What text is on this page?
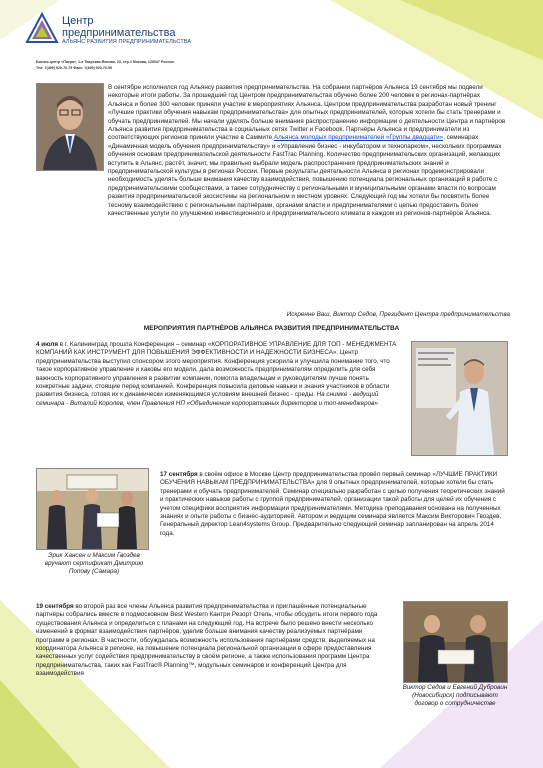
Центр
предпринимательства
АЛЬЯНС РАЗВИТИЯ ПРЕДПРИНИМАТЕЛЬСТВА
Бизнес-центр «Пикра», 1-я Тверская-Ямская, 23, стр.1 Москва, 125047 Россия
Тел: 7(499) 920-70-75 Факс: 7(499) 920-70-99
В сентябре исполнился год Альянсу развития предпринимательства. На собрании партнёров Альянса 19 сентября мы подвели некоторые итоги работы. За прошедший год Центром предпринимательства обучено более 200 человек в регионах-партнёрах Альянса и более 300 человек приняли участие в мероприятиях Альянса. Центром предпринимательства разработан новый тренинг «Лучшие практики обучения навыкам предпринимательства» для опытных предпринимателей, которые хотели бы стать тренерами и обучать предпринимателей. Мы начали уделять больше внимания распространению информации о деятельности Центра и партнёров Альянса развития предпринимательства в социальных сетях Twitter и Facebook. Партнёры Альянса и предприниматели из соответствующих регионов приняли участие в Саммите Альянса молодых предпринимателей «Группы двадцати», семинарах «Динамичная модель обучения предпринимательству» и «Управление бизнес - инкубатором и технопарком», нескольких программах обучения основам предпринимательской деятельности FastTrac Planning. Количество предпринимательских организаций, желающих вступить в Альянс, растёт, значит, мы правильно выбрали модель распространения предпринимательских знаний и предпринимательской культуры в регионах России. Первые результаты деятельности Альянса в регионах продемонстрировали необходимость уделять больше внимания качеству взаимодействия, повышению потенциала региональных организаций в работе с предпринимательскими сообществами, а также сотрудничеству с региональными и муниципальными органами власти по вопросам развития предпринимательской экосистемы на региональном и местном уровнях. Следующий год мы хотели бы посвятить более тесному взаимодействию с региональными партнёрами, органами власти и предпринимателями с целью предоставить более качественные услуги по улучшению инвестиционного и предпринимательского климата в каждом из регионов-партнёров Альянса.
Искренне Ваш, Виктор Седов, Президент Центра предпринимательства
МЕРОПРИЯТИЯ ПАРТНЁРОВ АЛЬЯНСА РАЗВИТИЯ ПРЕДПРИНИМАТЕЛЬСТВА
4 июля в г. Калининград прошла Конференция – семинар «КОРПОРАТИВНОЕ УПРАВЛЕНИЕ ДЛЯ ТОП - МЕНЕДЖМЕНТА КОМПАНИЙ КАК ИНСТРУМЕНТ ДЛЯ ПОВЫШЕНИЯ ЭФФЕКТИВНОСТИ И НАДЕЖНОСТИ БИЗНЕСА». Центр предпринимательства выступил спонсором этого мероприятия. Конференция ускорила и улучшила понимание того, что такое корпоративное управление и каковы его модели, дала возможность предпринимателям определить для себя важность корпоративного управления в развитии компании, помогла владельцам и руководителям лучше понять конкретные задачи, стоящие перед компанией. Конференция повысила деловые навыки и знания участников в области развития бизнеса, готовя их к динамически изменяющимся условиям внешней бизнес - среды. На снимке - ведущий семинара - Виталий Королев, член Правления НП «Объединение корпоративных директоров и топ-менеджеров»
Эрик Хансен и Максим Гвоздев вручают сертификат Дмитрию Попову (Самара)
17 сентября в своём офисе в Москве Центр предпринимательства провёл первый семинар «ЛУЧШИЕ ПРАКТИКИ ОБУЧЕНИЯ НАВЫКАМ ПРЕДПРИНИМАТЕЛЬСТВА» для 9 опытных предпринимателей, которые хотели бы стать тренерами и обучать предпринимателей. Семинар специально разработан с целью получения теоретических знаний и практических навыков работы с группой предпринимателей, организации такой работы для целей их обучения с учетом специфики восприятия информации предпринимателями. Методика преподавания основана на полученных знаниях и опыте работы с бизнес-аудиторией. Автором и ведущим семинара является Максим Викторович Гвоздев, Генеральный директор Lean4systems Group. Предварительно следующий семинар запланирован на апрель 2014 года.
19 сентября во второй раз все члены Альянса развития предпринимательства и приглашённые потенциальные партнёры собрались вместе в подмосковном Best Western Кантри Резорт Отель, чтобы обсудить итоги первого года существования Альянса и определиться с планами на следующий год. На встрече было решено внести несколько изменений в формат взаимодействия партнёров, уделив больше внимания качеству реализуемых партнёрами программ в регионах. В частности, обсуждалась возможность использования партнёрами средств, выделяемых на координатора Альянса в регионе, на повышение потенциала региональной организации в сфере предоставления качественных услуг содействия предпринимательству в своём регионе, а также использования программ Центра предпринимательства, таких как FastTrac® Planning™, модульных семинаров и конференций Центра для взаимодействия
Виктор Седов и Евгений Дубровин (Новосибирск) подписывают договор о сотрудничестве
